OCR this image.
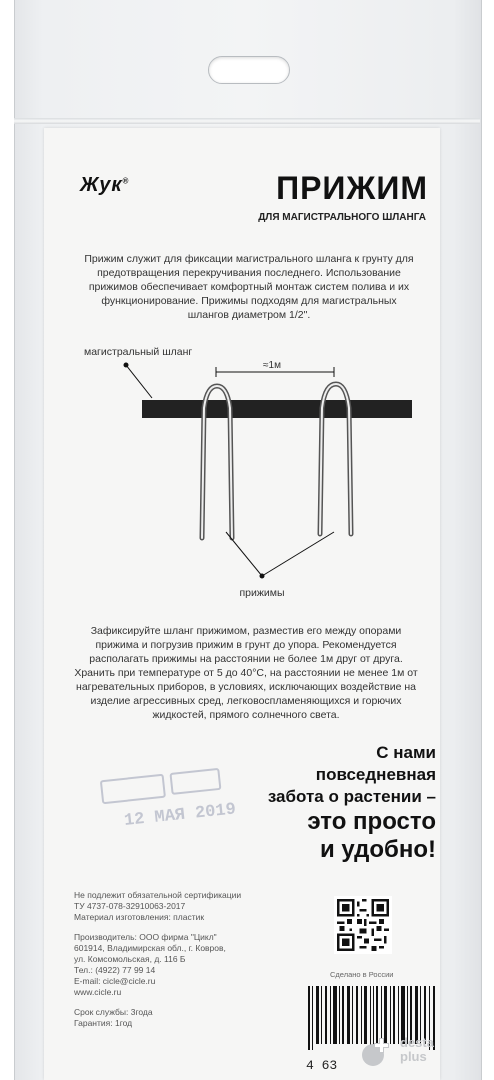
Жук®	ПРИЖИМ
ДЛЯ МАГИСТРАЛЬНОГО ШЛАНГА
Прижим служит для фиксации магистрального шланга к грунту для предотвращения перекручивания последнего. Использование прижимов обеспечивает комфортный монтаж систем полива и их функционирование. Прижимы подходям для магистральных шлангов диаметром 1/2".
магистральный шланг
≈1м
прижимы
Зафиксируйте шланг прижимом, разместив его между опорами прижима и погрузив прижим в грунт до упора. Рекомендуется располагать прижимы на расстоянии не более 1м друг от друга. Хранить при температуре от 5 до 40°С, на расстоянии не менее 1м от нагревательных приборов, в условиях, исключающих воздействие на изделие агрессивных сред, легковоспламеняющихся и горючих жидкостей, прямого солнечного света.
12 МАЯ 2019
С нами
повседневная
забота о растении –
это просто
и удобно!
Не подлежит обязательной сертификации
ТУ 4737-078-32910063-2017
Материал изготовления: пластик
Производитель: ООО фирма "Цикл"
601914, Владимирская обл., г. Ковров,
ул. Комсомольская, д. 116 Б
Тел.: (4922) 77 99 14
E-mail: cicle@cicle.ru
www.cicle.ru
Срок службы: 3года
Гарантия: 1год
Сделано в России
4 63
desta
plus
